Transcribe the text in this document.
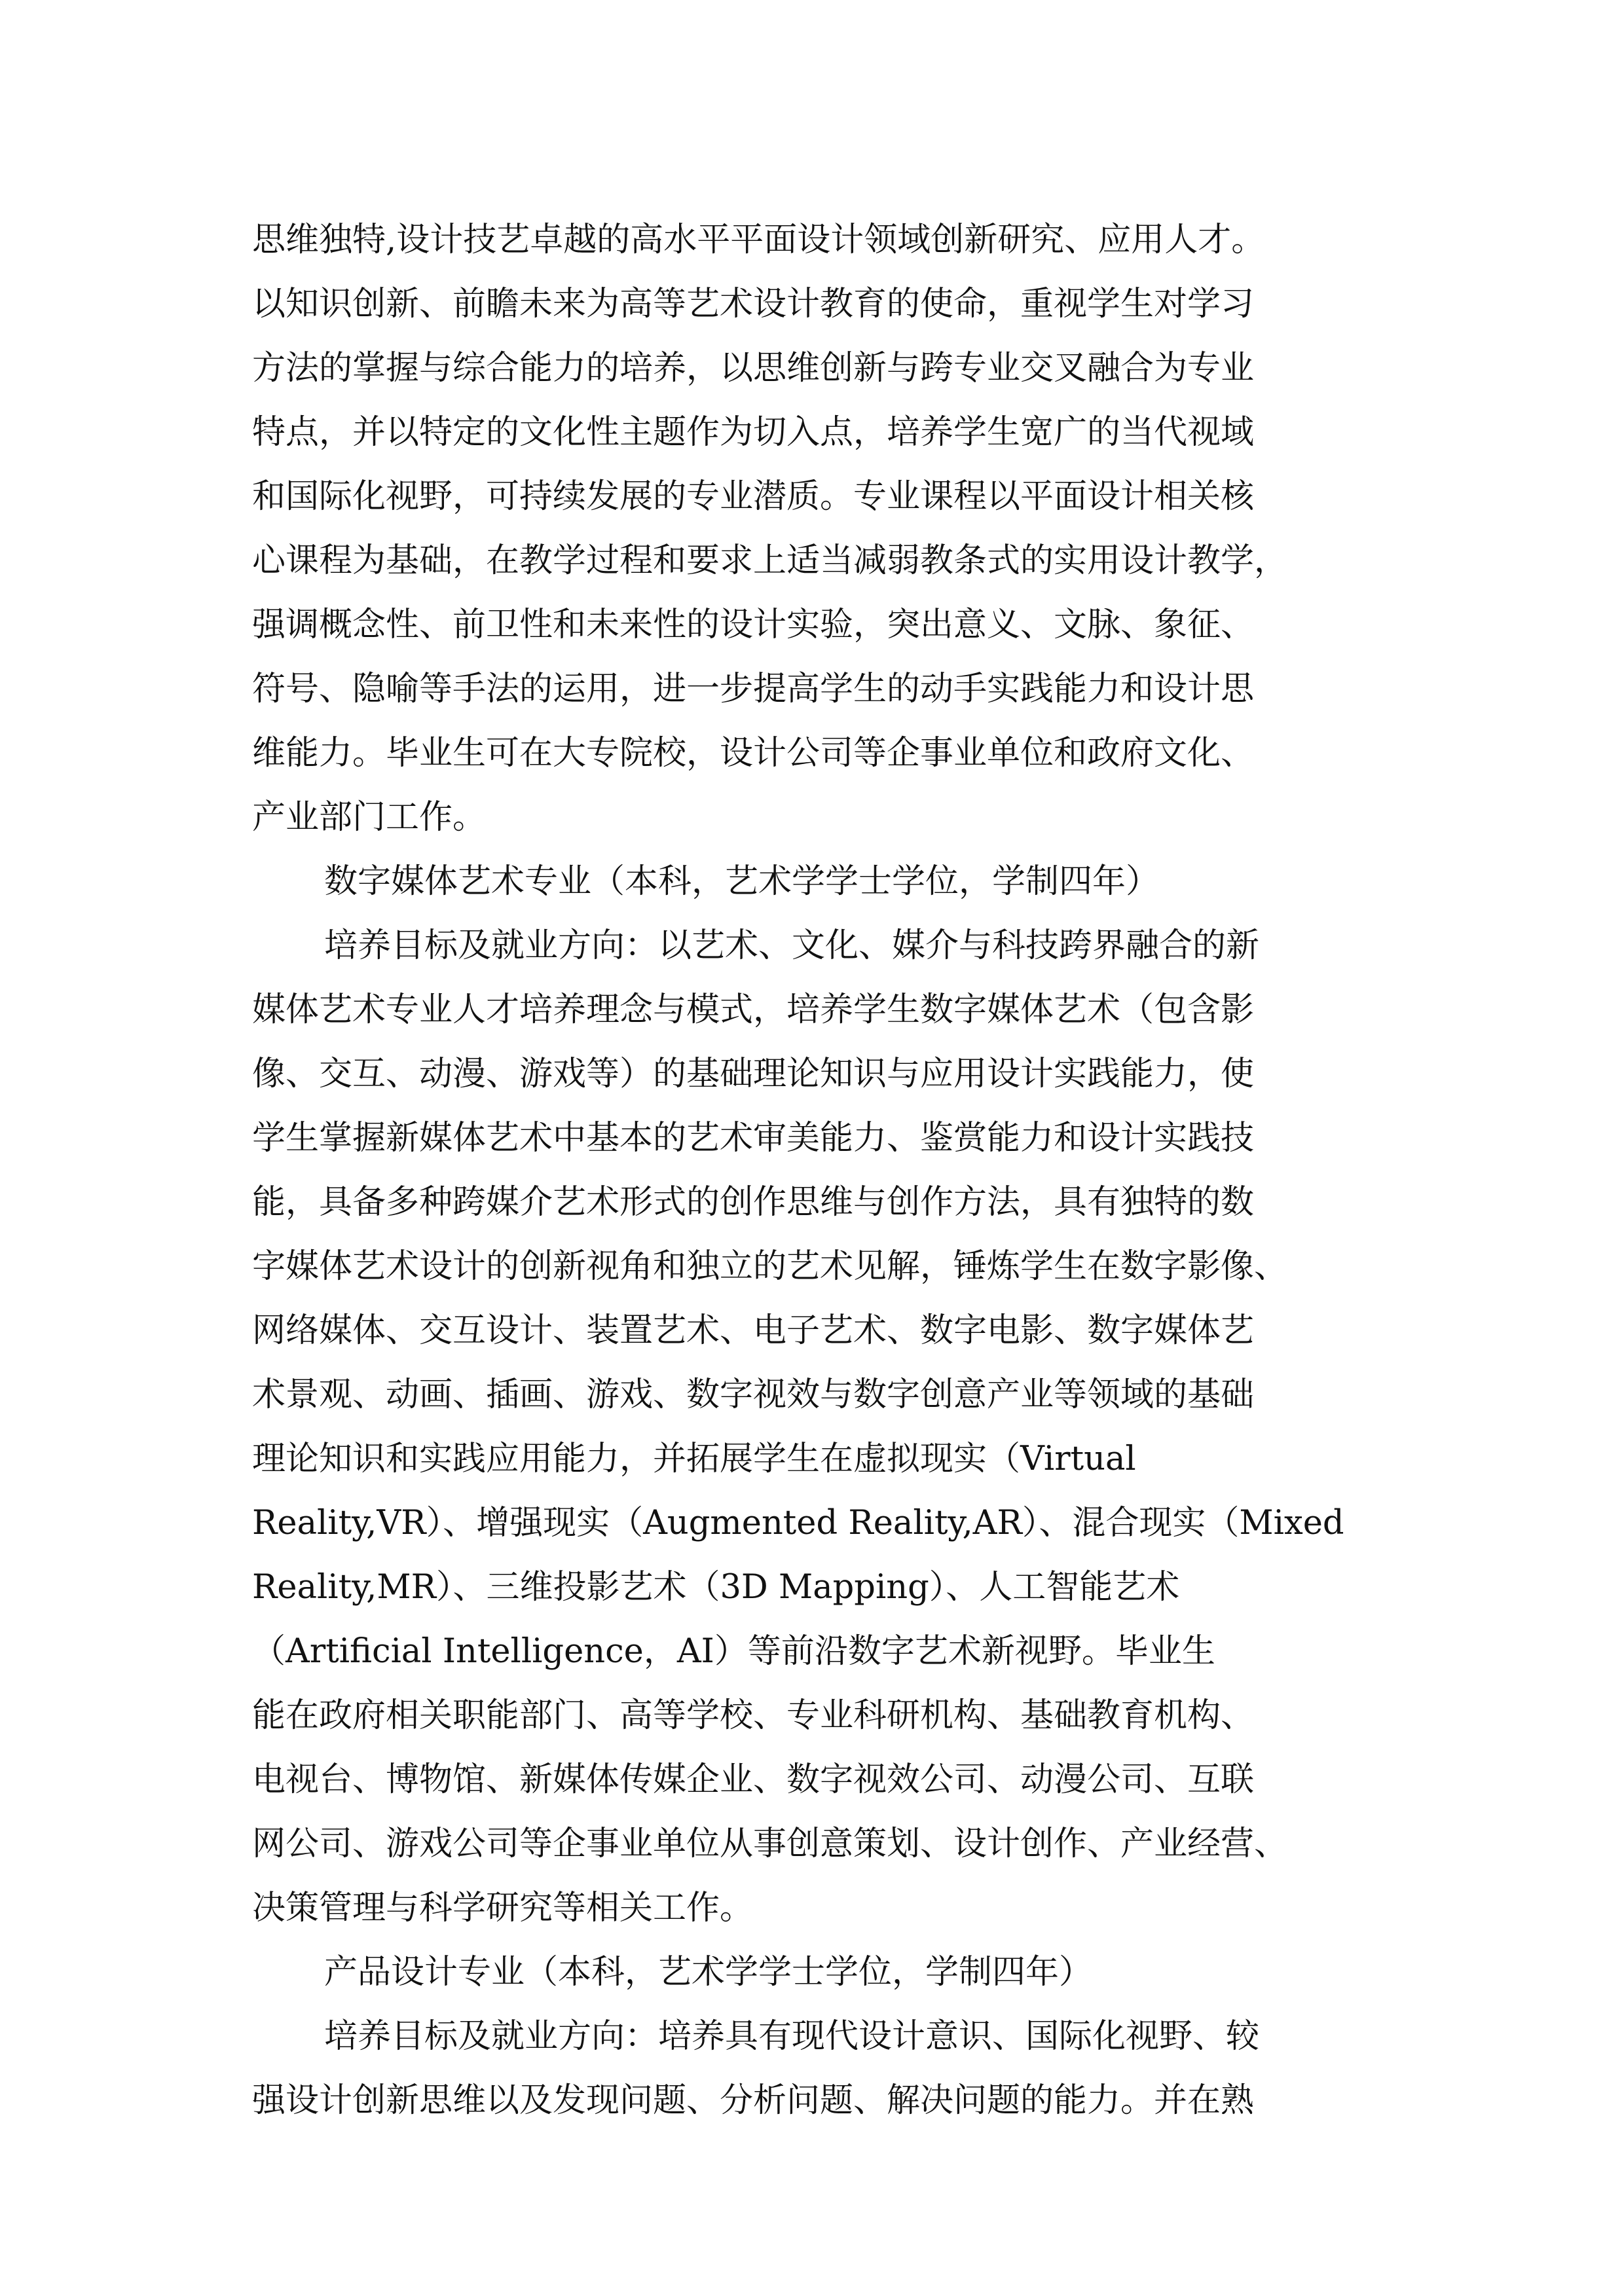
思维独特,设计技艺卓越的高水平平面设计领域创新研究、应用人才。
以知识创新、前瞻未来为高等艺术设计教育的使命，重视学生对学习
方法的掌握与综合能力的培养，以思维创新与跨专业交叉融合为专业
特点，并以特定的文化性主题作为切入点，培养学生宽广的当代视域
和国际化视野，可持续发展的专业潜质。专业课程以平面设计相关核
心课程为基础，在教学过程和要求上适当减弱教条式的实用设计教学，
强调概念性、前卫性和未来性的设计实验，突出意义、文脉、象征、
符号、隐喻等手法的运用，进一步提高学生的动手实践能力和设计思
维能力。毕业生可在大专院校，设计公司等企事业单位和政府文化、
产业部门工作。
数字媒体艺术专业（本科，艺术学学士学位，学制四年）
培养目标及就业方向：以艺术、文化、媒介与科技跨界融合的新
媒体艺术专业人才培养理念与模式，培养学生数字媒体艺术（包含影
像、交互、动漫、游戏等）的基础理论知识与应用设计实践能力，使
学生掌握新媒体艺术中基本的艺术审美能力、鉴赏能力和设计实践技
能，具备多种跨媒介艺术形式的创作思维与创作方法，具有独特的数
字媒体艺术设计的创新视角和独立的艺术见解，锤炼学生在数字影像、
网络媒体、交互设计、装置艺术、电子艺术、数字电影、数字媒体艺
术景观、动画、插画、游戏、数字视效与数字创意产业等领域的基础
理论知识和实践应用能力，并拓展学生在虚拟现实（Virtual
Reality,VR）、增强现实（Augmented Reality,AR）、混合现实（Mixed
Reality,MR）、三维投影艺术（3D Mapping）、人工智能艺术
（Artificial Intelligence，AI）等前沿数字艺术新视野。毕业生
能在政府相关职能部门、高等学校、专业科研机构、基础教育机构、
电视台、博物馆、新媒体传媒企业、数字视效公司、动漫公司、互联
网公司、游戏公司等企事业单位从事创意策划、设计创作、产业经营、
决策管理与科学研究等相关工作。
产品设计专业（本科，艺术学学士学位，学制四年）
培养目标及就业方向：培养具有现代设计意识、国际化视野、较
强设计创新思维以及发现问题、分析问题、解决问题的能力。并在熟
